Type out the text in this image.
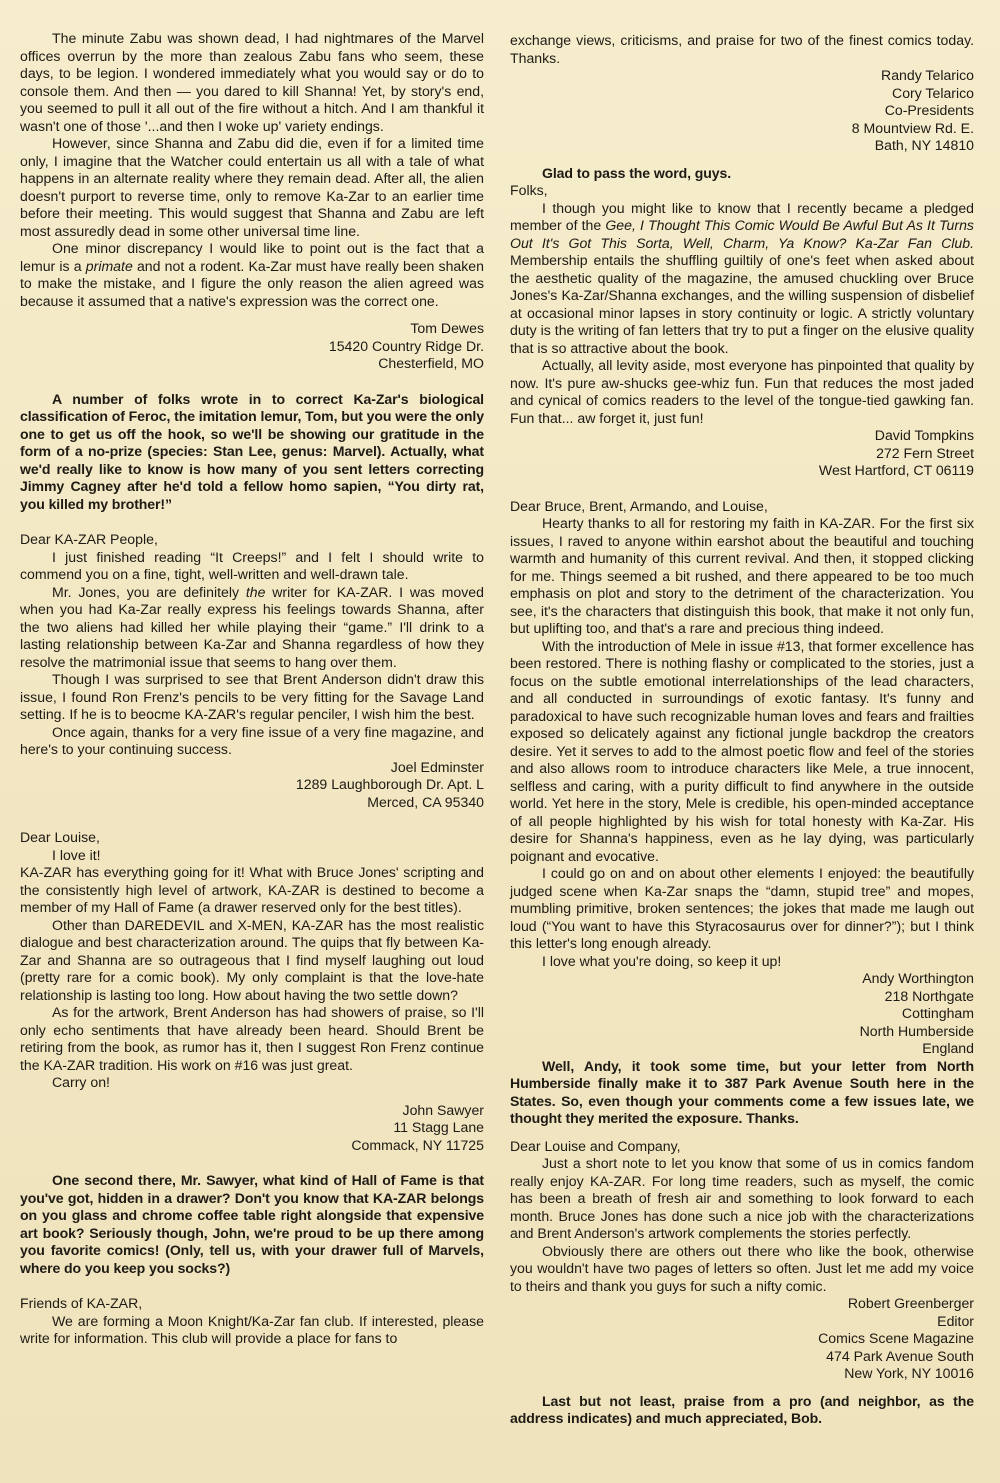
The minute Zabu was shown dead, I had nightmares of the Marvel offices overrun by the more than zealous Zabu fans who seem, these days, to be legion. I wondered immediately what you would say or do to console them. And then — you dared to kill Shanna! Yet, by story's end, you seemed to pull it all out of the fire without a hitch. And I am thankful it wasn't one of those '...and then I woke up' variety endings.

However, since Shanna and Zabu did die, even if for a limited time only, I imagine that the Watcher could entertain us all with a tale of what happens in an alternate reality where they remain dead. After all, the alien doesn't purport to reverse time, only to remove Ka-Zar to an earlier time before their meeting. This would suggest that Shanna and Zabu are left most assuredly dead in some other universal time line.

One minor discrepancy I would like to point out is the fact that a lemur is a primate and not a rodent. Ka-Zar must have really been shaken to make the mistake, and I figure the only reason the alien agreed was because it assumed that a native's expression was the correct one.

Tom Dewes
15420 Country Ridge Dr.
Chesterfield, MO

A number of folks wrote in to correct Ka-Zar's biological classification of Feroc, the imitation lemur, Tom, but you were the only one to get us off the hook, so we'll be showing our gratitude in the form of a no-prize (species: Stan Lee, genus: Marvel). Actually, what we'd really like to know is how many of you sent letters correcting Jimmy Cagney after he'd told a fellow homo sapien, “You dirty rat, you killed my brother!”

Dear KA-ZAR People,

I just finished reading “It Creeps!” and I felt I should write to commend you on a fine, tight, well-written and well-drawn tale.

Mr. Jones, you are definitely the writer for KA-ZAR. I was moved when you had Ka-Zar really express his feelings towards Shanna, after the two aliens had killed her while playing their “game.” I'll drink to a lasting relationship between Ka-Zar and Shanna regardless of how they resolve the matrimonial issue that seems to hang over them.

Though I was surprised to see that Brent Anderson didn't draw this issue, I found Ron Frenz's pencils to be very fitting for the Savage Land setting. If he is to beocme KA-ZAR's regular penciler, I wish him the best.

Once again, thanks for a very fine issue of a very fine magazine, and here's to your continuing success.

Joel Edminster
1289 Laughborough Dr. Apt. L
Merced, CA 95340

Dear Louise,

I love it!

KA-ZAR has everything going for it! What with Bruce Jones' scripting and the consistently high level of artwork, KA-ZAR is destined to become a member of my Hall of Fame (a drawer reserved only for the best titles).

Other than DAREDEVIL and X-MEN, KA-ZAR has the most realistic dialogue and best characterization around. The quips that fly between Ka-Zar and Shanna are so outrageous that I find myself laughing out loud (pretty rare for a comic book). My only complaint is that the love-hate relationship is lasting too long. How about having the two settle down?

As for the artwork, Brent Anderson has had showers of praise, so I'll only echo sentiments that have already been heard. Should Brent be retiring from the book, as rumor has it, then I suggest Ron Frenz continue the KA-ZAR tradition. His work on #16 was just great.

Carry on!

John Sawyer
11 Stagg Lane
Commack, NY 11725

One second there, Mr. Sawyer, what kind of Hall of Fame is that you've got, hidden in a drawer? Don't you know that KA-ZAR belongs on you glass and chrome coffee table right alongside that expensive art book? Seriously though, John, we're proud to be up there among you favorite comics! (Only, tell us, with your drawer full of Marvels, where do you keep you socks?)

Friends of KA-ZAR,

We are forming a Moon Knight/Ka-Zar fan club. If interested, please write for information. This club will provide a place for fans to

exchange views, criticisms, and praise for two of the finest comics today. Thanks.

Randy Telarico
Cory Telarico
Co-Presidents
8 Mountview Rd. E.
Bath, NY 14810

Glad to pass the word, guys.

Folks,

I though you might like to know that I recently became a pledged member of the Gee, I Thought This Comic Would Be Awful But As It Turns Out It's Got This Sorta, Well, Charm, Ya Know? Ka-Zar Fan Club. Membership entails the shuffling guiltily of one's feet when asked about the aesthetic quality of the magazine, the amused chuckling over Bruce Jones's Ka-Zar/Shanna exchanges, and the willing suspension of disbelief at occasional minor lapses in story continuity or logic. A strictly voluntary duty is the writing of fan letters that try to put a finger on the elusive quality that is so attractive about the book.

Actually, all levity aside, most everyone has pinpointed that quality by now. It's pure aw-shucks gee-whiz fun. Fun that reduces the most jaded and cynical of comics readers to the level of the tongue-tied gawking fan. Fun that... aw forget it, just fun!

David Tompkins
272 Fern Street
West Hartford, CT 06119

Dear Bruce, Brent, Armando, and Louise,

Hearty thanks to all for restoring my faith in KA-ZAR. For the first six issues, I raved to anyone within earshot about the beautiful and touching warmth and humanity of this current revival. And then, it stopped clicking for me. Things seemed a bit rushed, and there appeared to be too much emphasis on plot and story to the detriment of the characterization. You see, it's the characters that distinguish this book, that make it not only fun, but uplifting too, and that's a rare and precious thing indeed.

With the introduction of Mele in issue #13, that former excellence has been restored. There is nothing flashy or complicated to the stories, just a focus on the subtle emotional interrelationships of the lead characters, and all conducted in surroundings of exotic fantasy. It's funny and paradoxical to have such recognizable human loves and fears and frailties exposed so delicately against any fictional jungle backdrop the creators desire. Yet it serves to add to the almost poetic flow and feel of the stories and also allows room to introduce characters like Mele, a true innocent, selfless and caring, with a purity difficult to find anywhere in the outside world. Yet here in the story, Mele is credible, his open-minded acceptance of all people highlighted by his wish for total honesty with Ka-Zar. His desire for Shanna's happiness, even as he lay dying, was particularly poignant and evocative.

I could go on and on about other elements I enjoyed: the beautifully judged scene when Ka-Zar snaps the “damn, stupid tree” and mopes, mumbling primitive, broken sentences; the jokes that made me laugh out loud (“You want to have this Styracosaurus over for dinner?”); but I think this letter's long enough already.

I love what you're doing, so keep it up!

Andy Worthington
218 Northgate
Cottingham
North Humberside
England

Well, Andy, it took some time, but your letter from North Humberside finally make it to 387 Park Avenue South here in the States. So, even though your comments come a few issues late, we thought they merited the exposure. Thanks.

Dear Louise and Company,

Just a short note to let you know that some of us in comics fandom really enjoy KA-ZAR. For long time readers, such as myself, the comic has been a breath of fresh air and something to look forward to each month. Bruce Jones has done such a nice job with the characterizations and Brent Anderson's artwork complements the stories perfectly.

Obviously there are others out there who like the book, otherwise you wouldn't have two pages of letters so often. Just let me add my voice to theirs and thank you guys for such a nifty comic.

Robert Greenberger
Editor
Comics Scene Magazine
474 Park Avenue South
New York, NY 10016

Last but not least, praise from a pro (and neighbor, as the address indicates) and much appreciated, Bob.
